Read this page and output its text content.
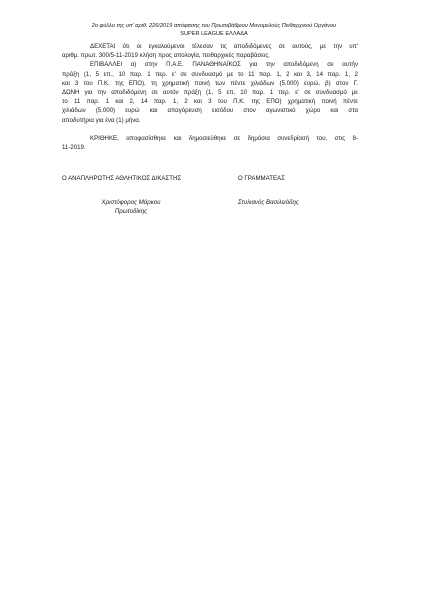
2ο φύλλο της υπ' αριθ. 226/2019 απόφασης του Πρωτοβάθμιου Μονομελούς Πειθαρχικού Οργάνου
SUPER LEAGUE ΕΛΛΑΔΑ

ΔΕΧΕΤΑΙ ότι οι εγκαλούμενοι τέλεσαν τις αποδιδόμενες σε αυτούς, με την υπ'
αριθμ. πρωτ. 300/5-11-2019 κλήση προς απολογία, πειθαρχικές παραβάσεις.

ΕΠΙΒΑΛΛΕΙ α) στην Π.Α.Ε. ΠΑΝΑΘΗΝΑΪΚΟΣ για την αποδιδόμενη σε αυτήν
πράξη (1, 5 επ., 10 παρ. 1 περ. ε' σε συνδυασμό με το 11 παρ. 1, 2 και 3, 14 παρ. 1, 2
και 3 του Π.Κ. της ΕΠΟ), τη χρηματική ποινή των πέντε χιλιάδων (5.000) ευρώ, β) στον Γ.
ΔΩΝΗ για την αποδιδόμενη σε αυτόν πράξη (1, 5 επ, 10 παρ. 1 περ. ε' σε συνδυασμό με
το 11 παρ. 1 και 2, 14 παρ. 1, 2 και 3 του Π.Κ. της ΕΠΟ) χρηματική ποινή πέντε
χιλιάδων (5.000) ευρώ και απαγόρευση εισόδου στον αγωνιστικό χώρο και στα
αποδυτήρια για ένα (1) μήνα.

ΚΡΙΘΗΚΕ, αποφασίσθηκε και δημοσιεύθηκε σε δημόσια συνεδρίασή του, στις 8-
11-2019.

Ο ΑΝΑΠΛΗΡΩΤΗΣ ΑΘΛΗΤΙΚΟΣ ΔΙΚΑΣΤΗΣ	Ο ΓΡΑΜΜΑΤΕΑΣ
Χριστόφορος Μάρκου
Πρωτοδίκης
Στυλιανός Βασιλειάδης
